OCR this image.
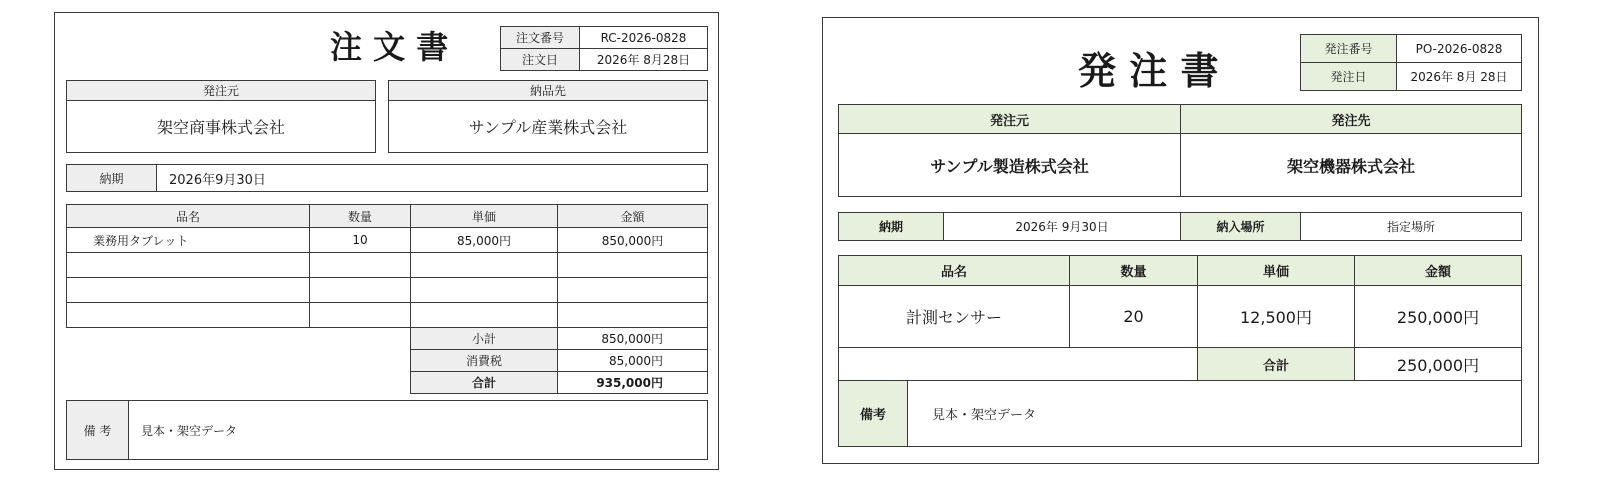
注 文 書	注文番号	RC-2026-0828
注文日	2026年 8月28日
発注元
架空商事株式会社
納品先
サンプル産業株式会社
納期	2026年9月30日
品名	数量	単価	金額
業務用タブレット	10	85,000円	850,000円
小計	850,000円
消費税	85,000円
合計	935,000円
備 考	見本・架空データ
発 注 書	発注番号	PO-2026-0828
発注日	2026年 8月 28日
発注元
サンプル製造株式会社
発注先
架空機器株式会社
納期	2026年 9月30日	納入場所	指定場所
品名	数量	単価	金額
計測センサー	20	12,500円	250,000円
合計	250,000円
備考	見本・架空データ
